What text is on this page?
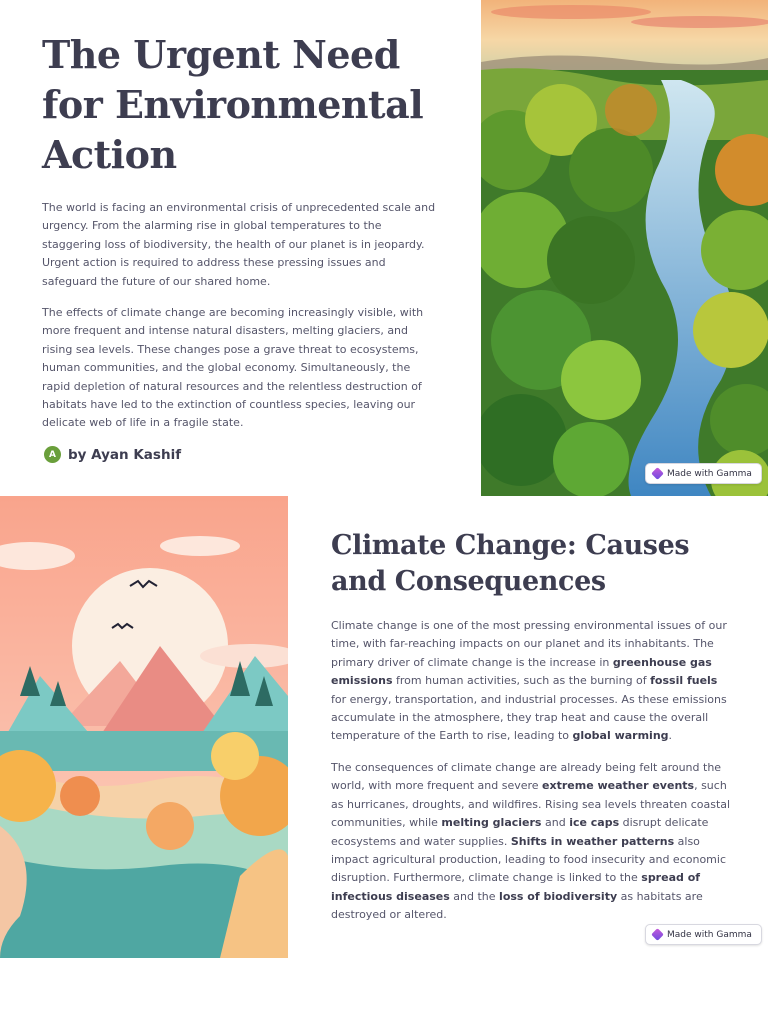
The Urgent Need for Environmental Action

The world is facing an environmental crisis of unprecedented scale and urgency. From the alarming rise in global temperatures to the staggering loss of biodiversity, the health of our planet is in jeopardy. Urgent action is required to address these pressing issues and safeguard the future of our shared home.

The effects of climate change are becoming increasingly visible, with more frequent and intense natural disasters, melting glaciers, and rising sea levels. These changes pose a grave threat to ecosystems, human communities, and the global economy. Simultaneously, the rapid depletion of natural resources and the relentless destruction of habitats have led to the extinction of countless species, leaving our delicate web of life in a fragile state.

A by Ayan Kashif
Made with Gamma
Climate Change: Causes and Consequences

Climate change is one of the most pressing environmental issues of our time, with far-reaching impacts on our planet and its inhabitants. The primary driver of climate change is the increase in greenhouse gas emissions from human activities, such as the burning of fossil fuels for energy, transportation, and industrial processes. As these emissions accumulate in the atmosphere, they trap heat and cause the overall temperature of the Earth to rise, leading to global warming.

The consequences of climate change are already being felt around the world, with more frequent and severe extreme weather events, such as hurricanes, droughts, and wildfires. Rising sea levels threaten coastal communities, while melting glaciers and ice caps disrupt delicate ecosystems and water supplies. Shifts in weather patterns also impact agricultural production, leading to food insecurity and economic disruption. Furthermore, climate change is linked to the spread of infectious diseases and the loss of biodiversity as habitats are destroyed or altered.

Made with Gamma
